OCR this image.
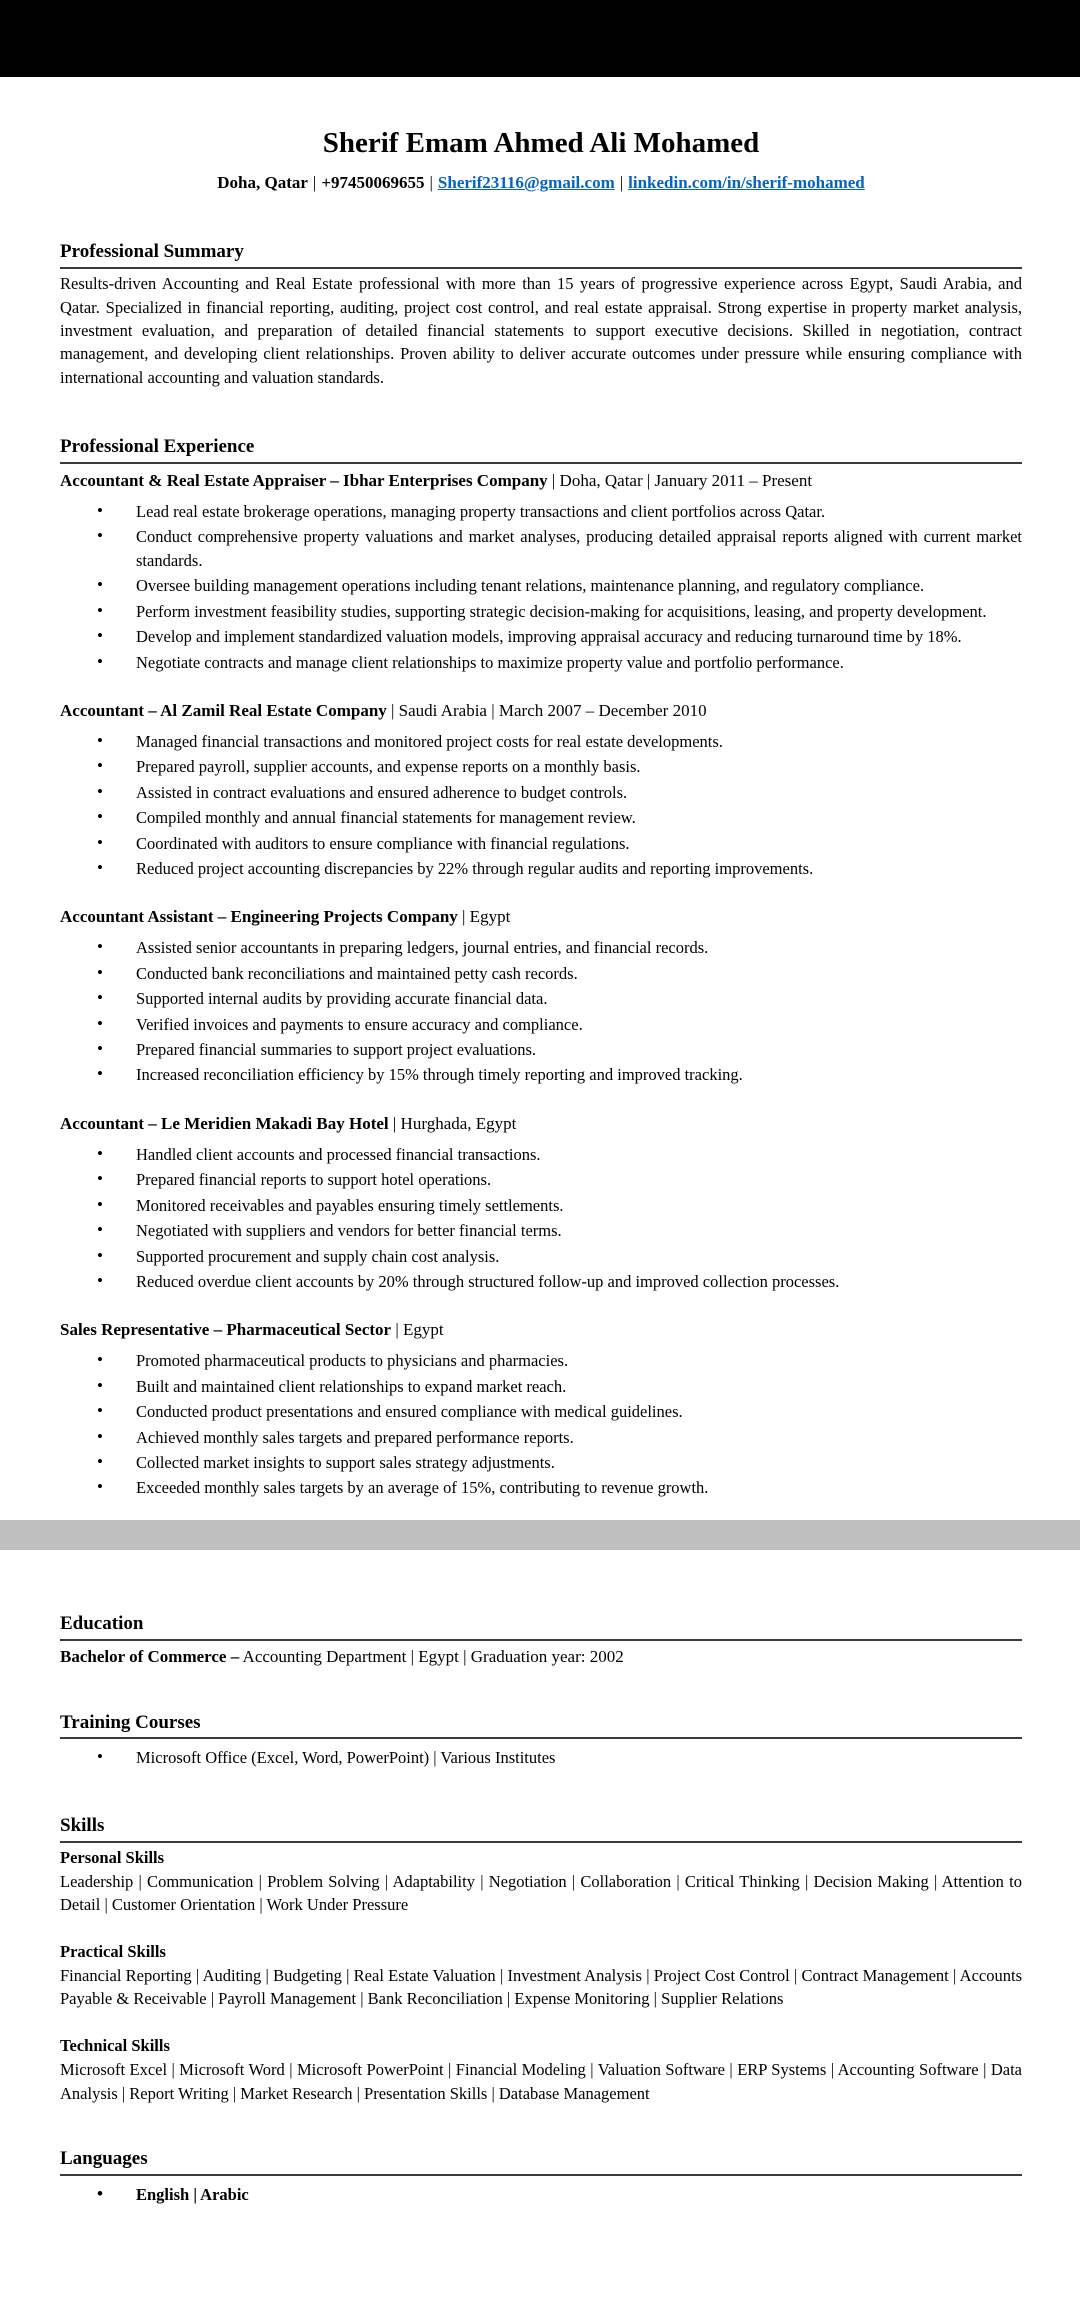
Sherif Emam Ahmed Ali Mohamed
Doha, Qatar | +97450069655 | Sherif23116@gmail.com | linkedin.com/in/sherif-mohamed
Professional Summary
Results-driven Accounting and Real Estate professional with more than 15 years of progressive experience across Egypt, Saudi Arabia, and Qatar. Specialized in financial reporting, auditing, project cost control, and real estate appraisal. Strong expertise in property market analysis, investment evaluation, and preparation of detailed financial statements to support executive decisions. Skilled in negotiation, contract management, and developing client relationships. Proven ability to deliver accurate outcomes under pressure while ensuring compliance with international accounting and valuation standards.
Professional Experience
Accountant & Real Estate Appraiser – Ibhar Enterprises Company | Doha, Qatar | January 2011 – Present
• Lead real estate brokerage operations, managing property transactions and client portfolios across Qatar.
• Conduct comprehensive property valuations and market analyses, producing detailed appraisal reports aligned with current market standards.
• Oversee building management operations including tenant relations, maintenance planning, and regulatory compliance.
• Perform investment feasibility studies, supporting strategic decision-making for acquisitions, leasing, and property development.
• Develop and implement standardized valuation models, improving appraisal accuracy and reducing turnaround time by 18%.
• Negotiate contracts and manage client relationships to maximize property value and portfolio performance.
Accountant – Al Zamil Real Estate Company | Saudi Arabia | March 2007 – December 2010
• Managed financial transactions and monitored project costs for real estate developments.
• Prepared payroll, supplier accounts, and expense reports on a monthly basis.
• Assisted in contract evaluations and ensured adherence to budget controls.
• Compiled monthly and annual financial statements for management review.
• Coordinated with auditors to ensure compliance with financial regulations.
• Reduced project accounting discrepancies by 22% through regular audits and reporting improvements.
Accountant Assistant – Engineering Projects Company | Egypt
• Assisted senior accountants in preparing ledgers, journal entries, and financial records.
• Conducted bank reconciliations and maintained petty cash records.
• Supported internal audits by providing accurate financial data.
• Verified invoices and payments to ensure accuracy and compliance.
• Prepared financial summaries to support project evaluations.
• Increased reconciliation efficiency by 15% through timely reporting and improved tracking.
Accountant – Le Meridien Makadi Bay Hotel | Hurghada, Egypt
• Handled client accounts and processed financial transactions.
• Prepared financial reports to support hotel operations.
• Monitored receivables and payables ensuring timely settlements.
• Negotiated with suppliers and vendors for better financial terms.
• Supported procurement and supply chain cost analysis.
• Reduced overdue client accounts by 20% through structured follow-up and improved collection processes.
Sales Representative – Pharmaceutical Sector | Egypt
• Promoted pharmaceutical products to physicians and pharmacies.
• Built and maintained client relationships to expand market reach.
• Conducted product presentations and ensured compliance with medical guidelines.
• Achieved monthly sales targets and prepared performance reports.
• Collected market insights to support sales strategy adjustments.
• Exceeded monthly sales targets by an average of 15%, contributing to revenue growth.
Education
Bachelor of Commerce – Accounting Department | Egypt | Graduation year: 2002
Training Courses
• Microsoft Office (Excel, Word, PowerPoint) | Various Institutes
Skills
Personal Skills
Leadership | Communication | Problem Solving | Adaptability | Negotiation | Collaboration | Critical Thinking | Decision Making | Attention to Detail | Customer Orientation | Work Under Pressure
Practical Skills
Financial Reporting | Auditing | Budgeting | Real Estate Valuation | Investment Analysis | Project Cost Control | Contract Management | Accounts Payable & Receivable | Payroll Management | Bank Reconciliation | Expense Monitoring | Supplier Relations
Technical Skills
Microsoft Excel | Microsoft Word | Microsoft PowerPoint | Financial Modeling | Valuation Software | ERP Systems | Accounting Software | Data Analysis | Report Writing | Market Research | Presentation Skills | Database Management
Languages
• English | Arabic
